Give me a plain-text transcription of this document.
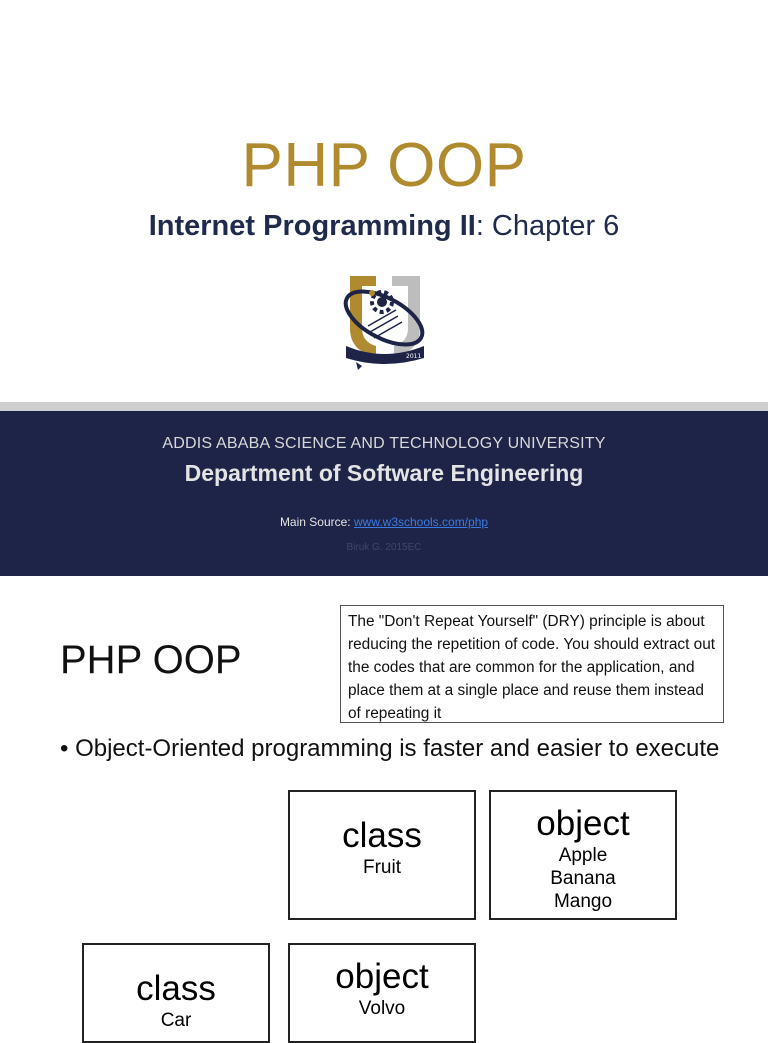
PHP OOP
Internet Programming II: Chapter 6
2011
ADDIS ABABA SCIENCE AND TECHNOLOGY UNIVERSITY
Department of Software Engineering
Main Source: www.w3schools.com/php
Biruk G. 2015EC
PHP OOP
The "Don't Repeat Yourself" (DRY) principle is about reducing the repetition of code. You should extract out the codes that are common for the application, and place them at a single place and reuse them instead of repeating it
• Object-Oriented programming is faster and easier to execute
class
Fruit
object
Apple
Banana
Mango
class
Car
object
Volvo
